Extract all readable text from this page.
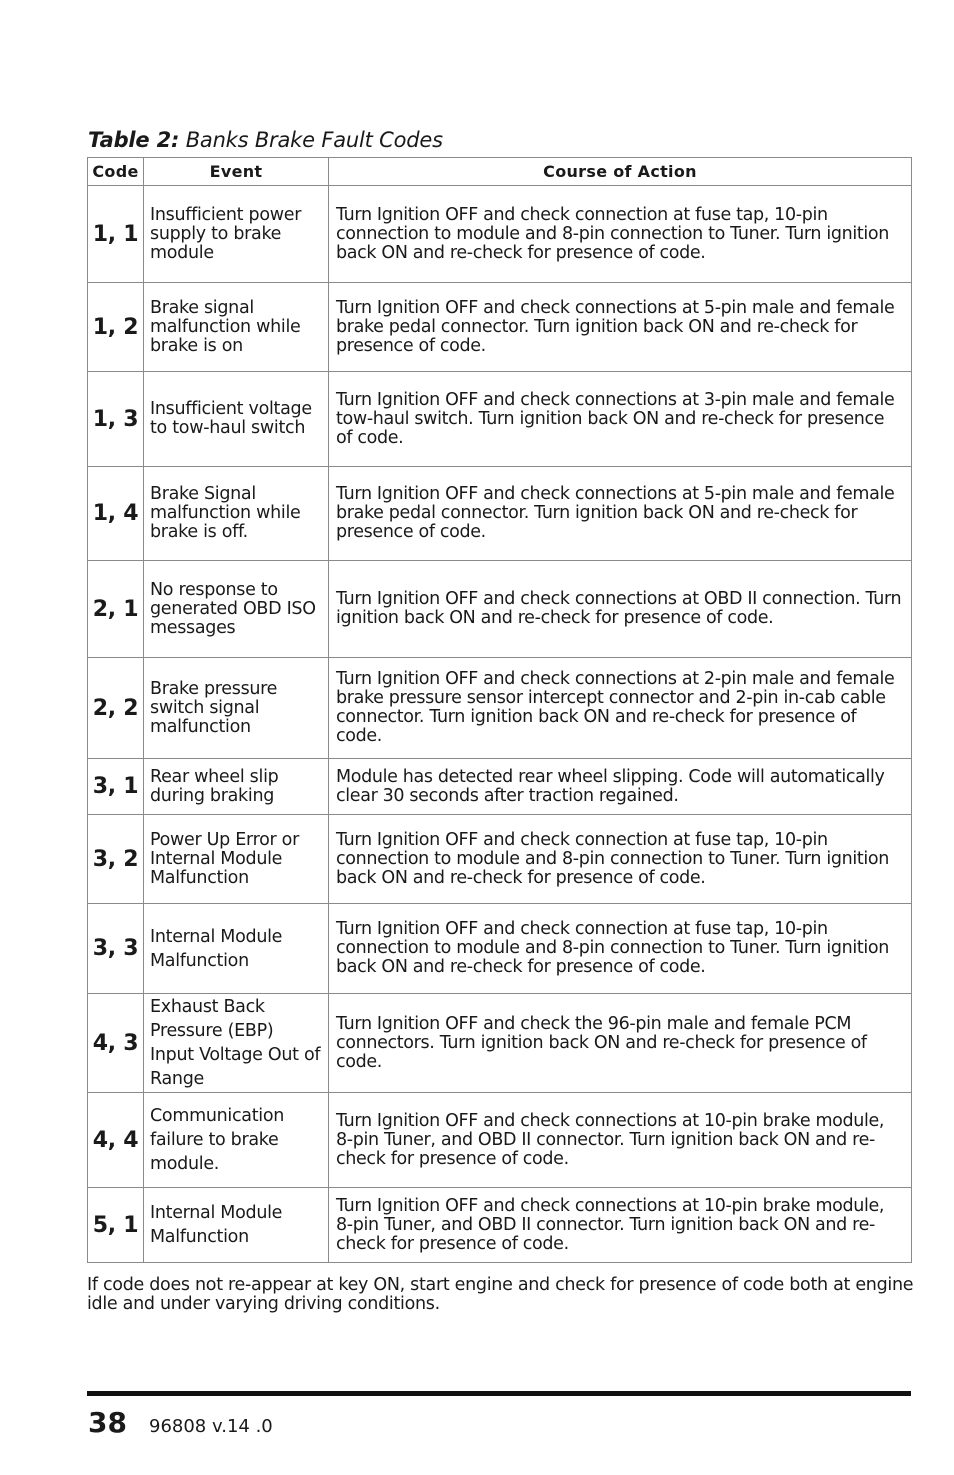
Table 2: Banks Brake Fault Codes
Code	Event	Course of Action
1, 1	Insufficient power supply to brake module	Turn Ignition OFF and check connection at fuse tap, 10-pin connection to module and 8-pin connection to Tuner. Turn ignition back ON and re-check for presence of code.
1, 2	Brake signal malfunction while brake is on	Turn Ignition OFF and check connections at 5-pin male and female brake pedal connector. Turn ignition back ON and re-check for presence of code.
1, 3	Insufficient voltage to tow-haul switch	Turn Ignition OFF and check connections at 3-pin male and female tow-haul switch. Turn ignition back ON and re-check for presence of code.
1, 4	Brake Signal malfunction while brake is off.	Turn Ignition OFF and check connections at 5-pin male and female brake pedal connector. Turn ignition back ON and re-check for presence of code.
2, 1	No response to generated OBD ISO messages	Turn Ignition OFF and check connections at OBD II connection. Turn ignition back ON and re-check for presence of code.
2, 2	Brake pressure switch signal malfunction	Turn Ignition OFF and check connections at 2-pin male and female brake pressure sensor intercept connector and 2-pin in-cab cable connector. Turn ignition back ON and re-check for presence of code.
3, 1	Rear wheel slip during braking	Module has detected rear wheel slipping. Code will automatically clear 30 seconds after traction regained.
3, 2	Power Up Error or Internal Module Malfunction	Turn Ignition OFF and check connection at fuse tap, 10-pin connection to module and 8-pin connection to Tuner. Turn ignition back ON and re-check for presence of code.
3, 3	Internal Module Malfunction	Turn Ignition OFF and check connection at fuse tap, 10-pin connection to module and 8-pin connection to Tuner. Turn ignition back ON and re-check for presence of code.
4, 3	Exhaust Back Pressure (EBP) Input Voltage Out of Range	Turn Ignition OFF and check the 96-pin male and female PCM connectors. Turn ignition back ON and re-check for presence of code.
4, 4	Communication failure to brake module.	Turn Ignition OFF and check connections at 10-pin brake module, 8-pin Tuner, and OBD II connector. Turn ignition back ON and re-check for presence of code.
5, 1	Internal Module Malfunction	Turn Ignition OFF and check connections at 10-pin brake module, 8-pin Tuner, and OBD II connector. Turn ignition back ON and re-check for presence of code.
If code does not re-appear at key ON, start engine and check for presence of code both at engine idle and under varying driving conditions.
38 96808 v.14 .0
